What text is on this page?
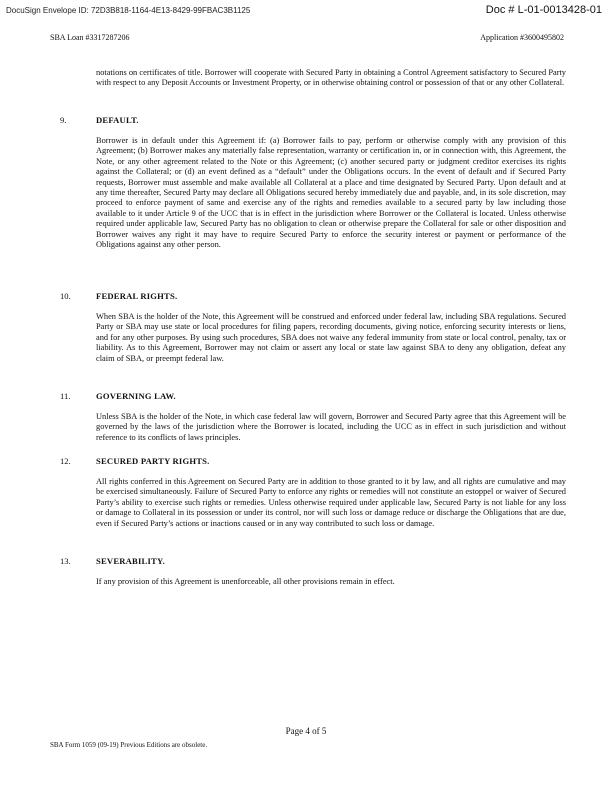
DocuSign Envelope ID: 72D3B818-1164-4E13-8429-99FBAC3B1125	Doc # L-01-0013428-01
SBA Loan #3317287206	Application #3600495802
notations on certificates of title. Borrower will cooperate with Secured Party in obtaining a Control Agreement satisfactory to Secured Party with respect to any Deposit Accounts or Investment Property, or in otherwise obtaining control or possession of that or any other Collateral.
9.	DEFAULT.
Borrower is in default under this Agreement if: (a) Borrower fails to pay, perform or otherwise comply with any provision of this Agreement; (b) Borrower makes any materially false representation, warranty or certification in, or in connection with, this Agreement, the Note, or any other agreement related to the Note or this Agreement; (c) another secured party or judgment creditor exercises its rights against the Collateral; or (d) an event defined as a “default” under the Obligations occurs. In the event of default and if Secured Party requests, Borrower must assemble and make available all Collateral at a place and time designated by Secured Party. Upon default and at any time thereafter, Secured Party may declare all Obligations secured hereby immediately due and payable, and, in its sole discretion, may proceed to enforce payment of same and exercise any of the rights and remedies available to a secured party by law including those available to it under Article 9 of the UCC that is in effect in the jurisdiction where Borrower or the Collateral is located. Unless otherwise required under applicable law, Secured Party has no obligation to clean or otherwise prepare the Collateral for sale or other disposition and Borrower waives any right it may have to require Secured Party to enforce the security interest or payment or performance of the Obligations against any other person.
10.	FEDERAL RIGHTS.
When SBA is the holder of the Note, this Agreement will be construed and enforced under federal law, including SBA regulations. Secured Party or SBA may use state or local procedures for filing papers, recording documents, giving notice, enforcing security interests or liens, and for any other purposes. By using such procedures, SBA does not waive any federal immunity from state or local control, penalty, tax or liability. As to this Agreement, Borrower may not claim or assert any local or state law against SBA to deny any obligation, defeat any claim of SBA, or preempt federal law.
11.	GOVERNING LAW.
Unless SBA is the holder of the Note, in which case federal law will govern, Borrower and Secured Party agree that this Agreement will be governed by the laws of the jurisdiction where the Borrower is located, including the UCC as in effect in such jurisdiction and without reference to its conflicts of laws principles.
12.	SECURED PARTY RIGHTS.
All rights conferred in this Agreement on Secured Party are in addition to those granted to it by law, and all rights are cumulative and may be exercised simultaneously. Failure of Secured Party to enforce any rights or remedies will not constitute an estoppel or waiver of Secured Party’s ability to exercise such rights or remedies. Unless otherwise required under applicable law, Secured Party is not liable for any loss or damage to Collateral in its possession or under its control, nor will such loss or damage reduce or discharge the Obligations that are due, even if Secured Party’s actions or inactions caused or in any way contributed to such loss or damage.
13.	SEVERABILITY.
If any provision of this Agreement is unenforceable, all other provisions remain in effect.
Page 4 of 5
SBA Form 1059 (09-19) Previous Editions are obsolete.
